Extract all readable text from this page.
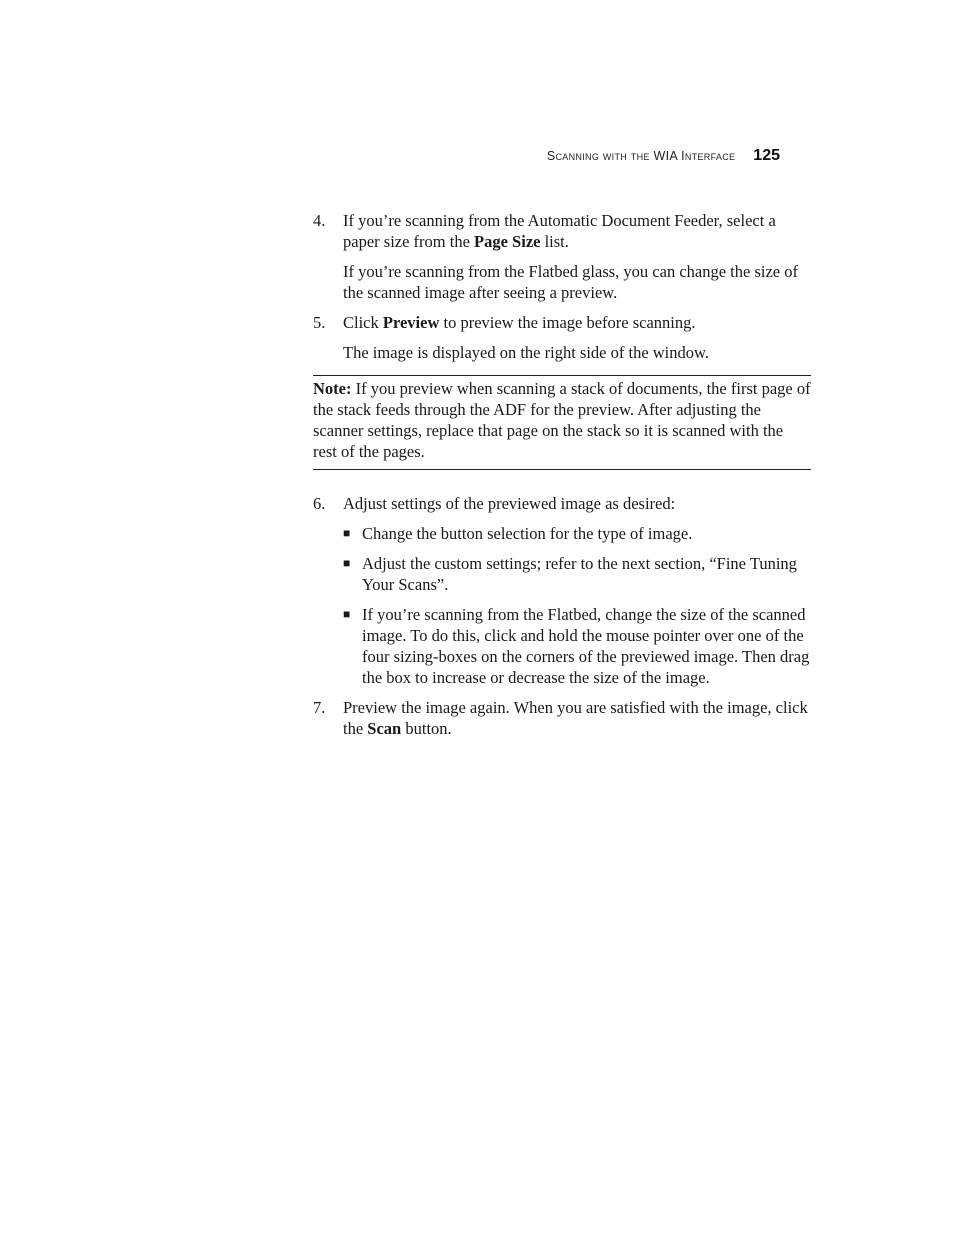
Scanning with the WIA Interface 125
4.	If you’re scanning from the Automatic Document Feeder, select a paper size from the Page Size list.

If you’re scanning from the Flatbed glass, you can change the size of the scanned image after seeing a preview.

5.	Click Preview to preview the image before scanning.

The image is displayed on the right side of the window.

Note: If you preview when scanning a stack of documents, the first page of the stack feeds through the ADF for the preview. After adjusting the scanner settings, replace that page on the stack so it is scanned with the rest of the pages.

6.	Adjust settings of the previewed image as desired:

■ Change the button selection for the type of image.
■ Adjust the custom settings; refer to the next section, “Fine Tuning Your Scans”.
■ If you’re scanning from the Flatbed, change the size of the scanned image. To do this, click and hold the mouse pointer over one of the four sizing-boxes on the corners of the previewed image. Then drag the box to increase or decrease the size of the image.
7.	Preview the image again. When you are satisfied with the image, click the Scan button.
